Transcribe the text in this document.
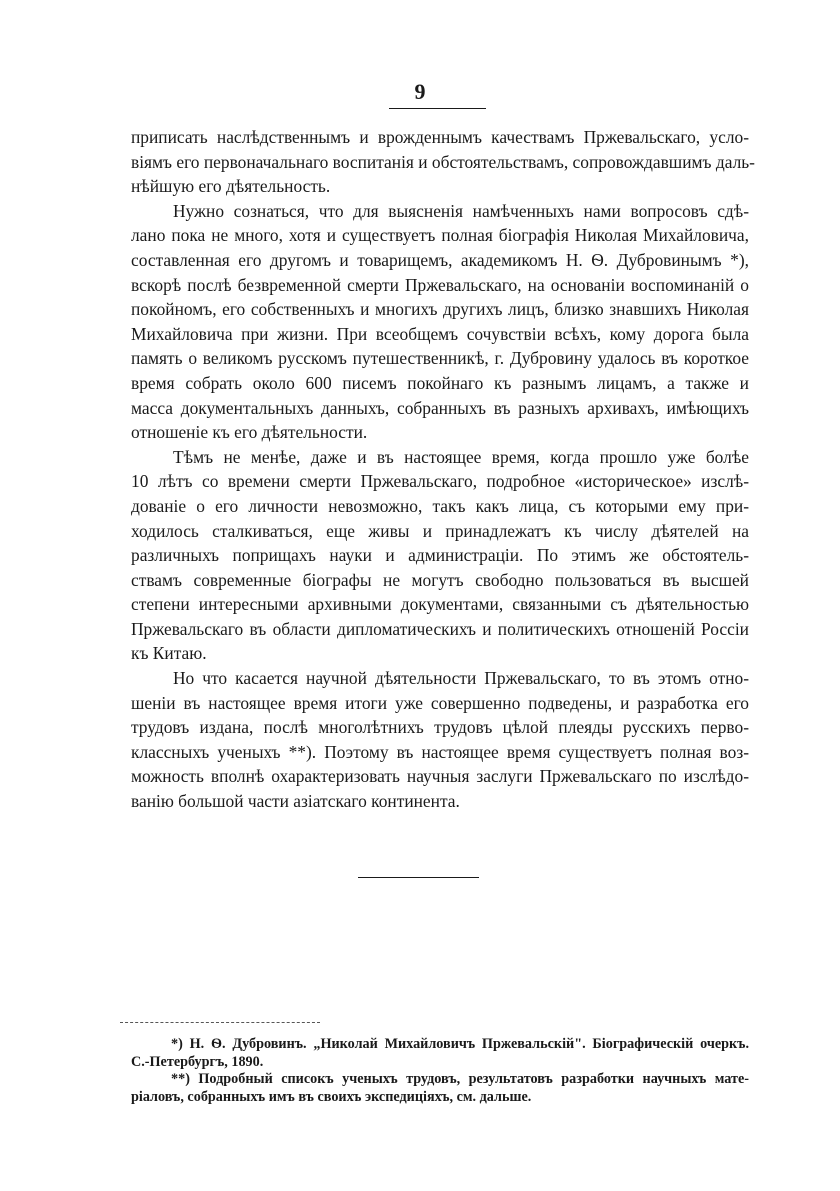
9
приписать наслѣдственнымъ и врожденнымъ качествамъ Пржевальскаго, усло-
віямъ его первоначальнаго воспитанія и обстоятельствамъ, сопровождавшимъ даль-
нѣйшую его дѣятельность.
Нужно сознаться, что для выясненія намѣченныхъ нами вопросовъ сдѣ-
лано пока не много, хотя и существуетъ полная біографія Николая Михайловича,
составленная его другомъ и товарищемъ, академикомъ Н. Ѳ. Дубровинымъ *),
вскорѣ послѣ безвременной смерти Пржевальскаго, на основаніи воспоминаній о
покойномъ, его собственныхъ и многихъ другихъ лицъ, близко знавшихъ Николая
Михайловича при жизни. При всеобщемъ сочувствіи всѣхъ, кому дорога была
память о великомъ русскомъ путешественникѣ, г. Дубровину удалось въ короткое
время собрать около 600 писемъ покойнаго къ разнымъ лицамъ, а также и
масса документальныхъ данныхъ, собранныхъ въ разныхъ архивахъ, имѣющихъ
отношеніе къ его дѣятельности.
Тѣмъ не менѣе, даже и въ настоящее время, когда прошло уже болѣе
10 лѣтъ со времени смерти Пржевальскаго, подробное «историческое» изслѣ-
дованіе о его личности невозможно, такъ какъ лица, съ которыми ему при-
ходилось сталкиваться, еще живы и принадлежатъ къ числу дѣятелей на
различныхъ поприщахъ науки и администраціи. По этимъ же обстоятель-
ствамъ современные біографы не могутъ свободно пользоваться въ высшей
степени интересными архивными документами, связанными съ дѣятельностью
Пржевальскаго въ области дипломатическихъ и политическихъ отношеній Россіи
къ Китаю.
Но что касается научной дѣятельности Пржевальскаго, то въ этомъ отно-
шеніи въ настоящее время итоги уже совершенно подведены, и разработка его
трудовъ издана, послѣ многолѣтнихъ трудовъ цѣлой плеяды русскихъ перво-
классныхъ ученыхъ **). Поэтому въ настоящее время существуетъ полная воз-
можность вполнѣ охарактеризовать научныя заслуги Пржевальскаго по изслѣдо-
ванію большой части азіатскаго континента.
*) Н. Ѳ. Дубровинъ. „Николай Михайловичъ Пржевальскій". Біографическій очеркъ.
С.-Петербургъ, 1890.
**) Подробный списокъ ученыхъ трудовъ, результатовъ разработки научныхъ мате-
ріаловъ, собранныхъ имъ въ своихъ экспедиціяхъ, см. дальше.
